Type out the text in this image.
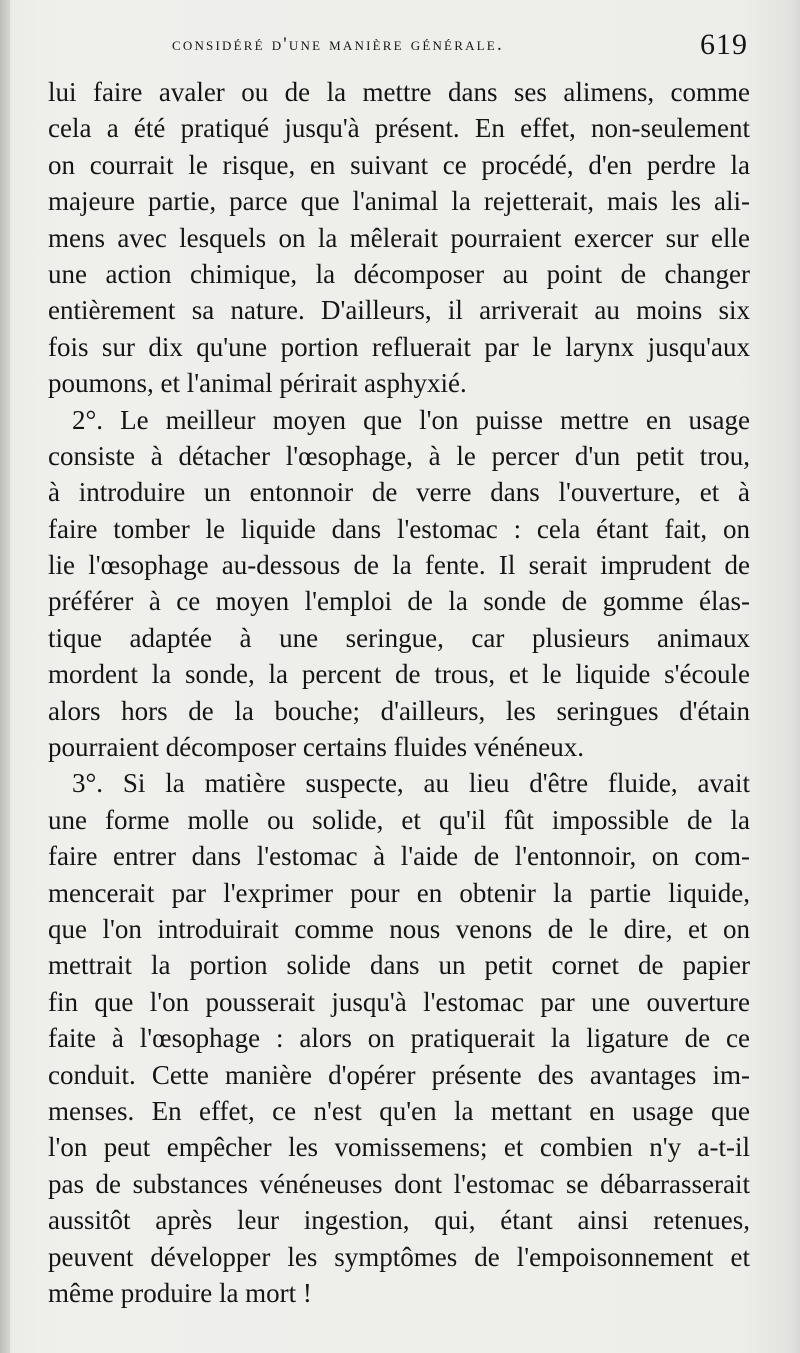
considéré d'une manière générale.	619
lui faire avaler ou de la mettre dans ses alimens, comme
cela a été pratiqué jusqu'à présent. En effet, non-seulement
on courrait le risque, en suivant ce procédé, d'en perdre la
majeure partie, parce que l'animal la rejetterait, mais les ali-
mens avec lesquels on la mêlerait pourraient exercer sur elle
une action chimique, la décomposer au point de changer
entièrement sa nature. D'ailleurs, il arriverait au moins six
fois sur dix qu'une portion refluerait par le larynx jusqu'aux
poumons, et l'animal périrait asphyxié.
2°. Le meilleur moyen que l'on puisse mettre en usage
consiste à détacher l'œsophage, à le percer d'un petit trou,
à introduire un entonnoir de verre dans l'ouverture, et à
faire tomber le liquide dans l'estomac : cela étant fait, on
lie l'œsophage au-dessous de la fente. Il serait imprudent de
préférer à ce moyen l'emploi de la sonde de gomme élas-
tique adaptée à une seringue, car plusieurs animaux
mordent la sonde, la percent de trous, et le liquide s'écoule
alors hors de la bouche; d'ailleurs, les seringues d'étain
pourraient décomposer certains fluides vénéneux.
3°. Si la matière suspecte, au lieu d'être fluide, avait
une forme molle ou solide, et qu'il fût impossible de la
faire entrer dans l'estomac à l'aide de l'entonnoir, on com-
mencerait par l'exprimer pour en obtenir la partie liquide,
que l'on introduirait comme nous venons de le dire, et on
mettrait la portion solide dans un petit cornet de papier
fin que l'on pousserait jusqu'à l'estomac par une ouverture
faite à l'œsophage : alors on pratiquerait la ligature de ce
conduit. Cette manière d'opérer présente des avantages im-
menses. En effet, ce n'est qu'en la mettant en usage que
l'on peut empêcher les vomissemens; et combien n'y a-t-il
pas de substances vénéneuses dont l'estomac se débarrasserait
aussitôt après leur ingestion, qui, étant ainsi retenues,
peuvent développer les symptômes de l'empoisonnement et
même produire la mort !
